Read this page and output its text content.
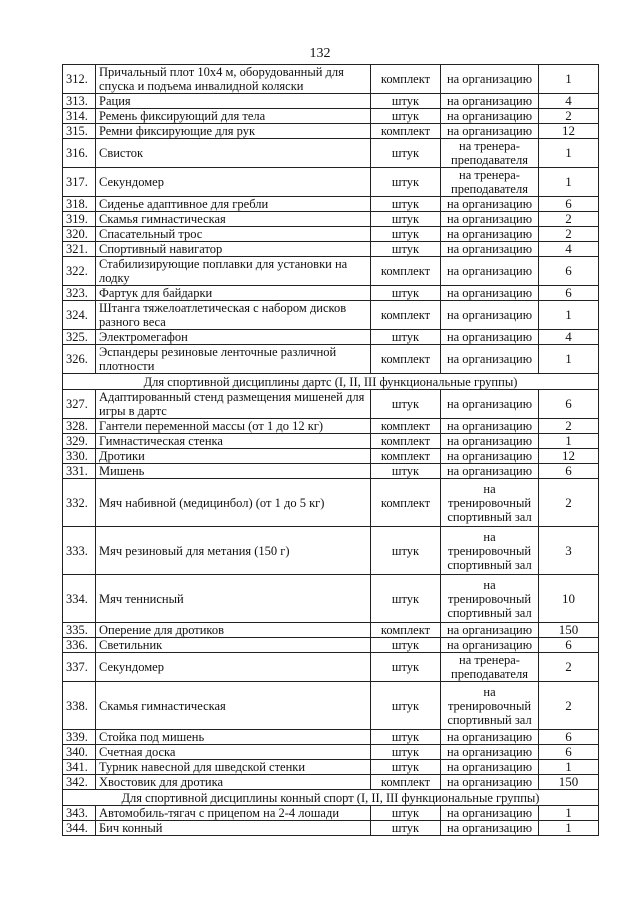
132
312.	Причальный плот 10х4 м, оборудованный для спуска и подъема инвалидной коляски	комплект	на организацию	1
313.	Рация	штук	на организацию	4
314.	Ремень фиксирующий для тела	штук	на организацию	2
315.	Ремни фиксирующие для рук	комплект	на организацию	12
316.	Свисток	штук	на тренера-преподавателя	1
317.	Секундомер	штук	на тренера-преподавателя	1
318.	Сиденье адаптивное для гребли	штук	на организацию	6
319.	Скамья гимнастическая	штук	на организацию	2
320.	Спасательный трос	штук	на организацию	2
321.	Спортивный навигатор	штук	на организацию	4
322.	Стабилизирующие поплавки для установки на лодку	комплект	на организацию	6
323.	Фартук для байдарки	штук	на организацию	6
324.	Штанга тяжелоатлетическая с набором дисков разного веса	комплект	на организацию	1
325.	Электромегафон	штук	на организацию	4
326.	Эспандеры резиновые ленточные различной плотности	комплект	на организацию	1
Для спортивной дисциплины дартс (I, II, III функциональные группы)				
327.	Адаптированный стенд размещения мишеней для игры в дартс	штук	на организацию	6
328.	Гантели переменной массы (от 1 до 12 кг)	комплект	на организацию	2
329.	Гимнастическая стенка	комплект	на организацию	1
330.	Дротики	комплект	на организацию	12
331.	Мишень	штук	на организацию	6
332.	Мяч набивной (медицинбол) (от 1 до 5 кг)	комплект	на тренировочный спортивный зал	2
333.	Мяч резиновый для метания (150 г)	штук	на тренировочный спортивный зал	3
334.	Мяч теннисный	штук	на тренировочный спортивный зал	10
335.	Оперение для дротиков	комплект	на организацию	150
336.	Светильник	штук	на организацию	6
337.	Секундомер	штук	на тренера-преподавателя	2
338.	Скамья гимнастическая	штук	на тренировочный спортивный зал	2
339.	Стойка под мишень	штук	на организацию	6
340.	Счетная доска	штук	на организацию	6
341.	Турник навесной для шведской стенки	штук	на организацию	1
342.	Хвостовик для дротика	комплект	на организацию	150
Для спортивной дисциплины конный спорт (I, II, III функциональные группы)				
343.	Автомобиль-тягач с прицепом на 2-4 лошади	штук	на организацию	1
344.	Бич конный	штук	на организацию	1
